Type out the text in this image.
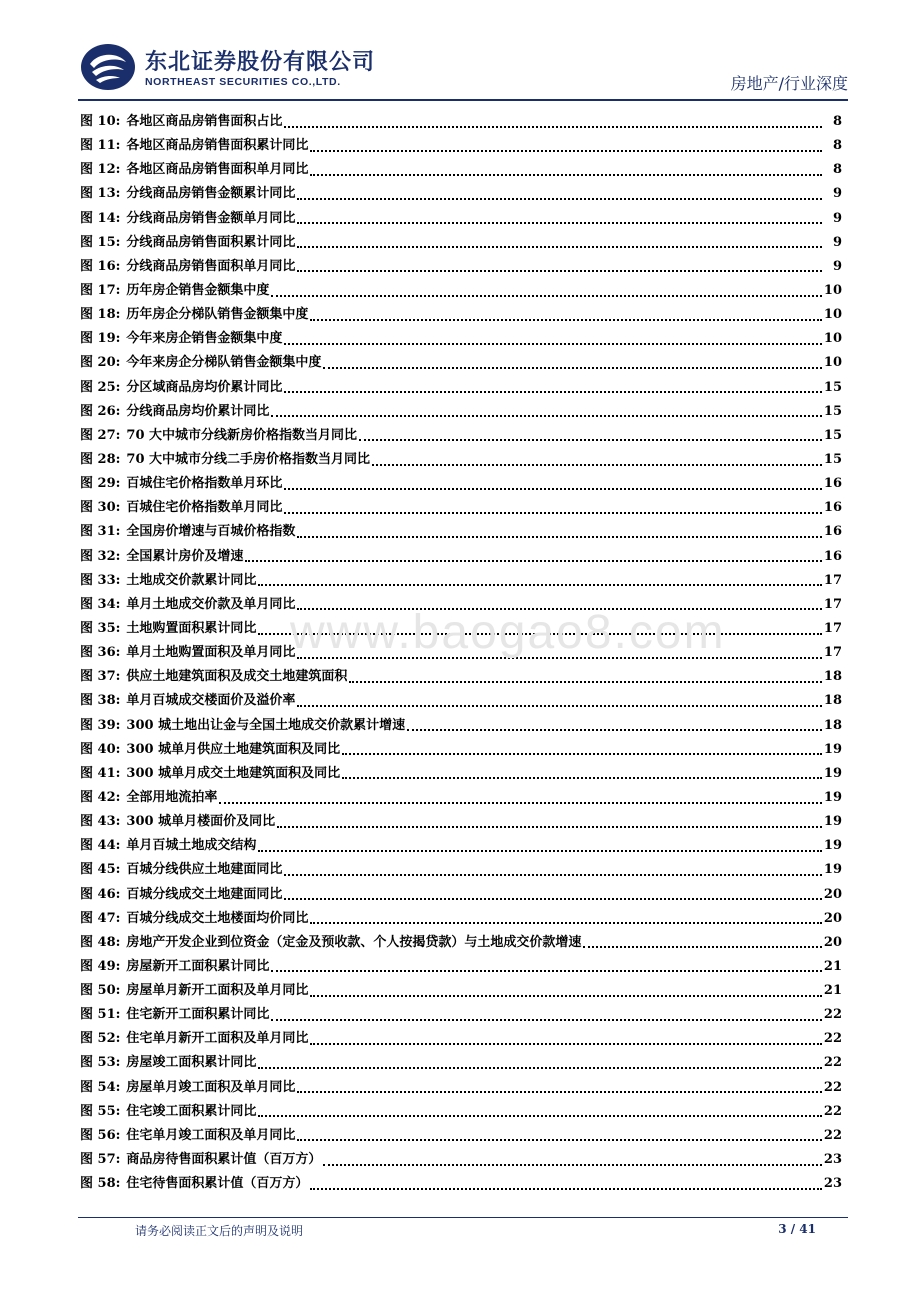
东北证券股份有限公司
NORTHEAST SECURITIES CO.,LTD.	房地产/行业深度
图 10: 各地区商品房销售面积占比	8
图 11: 各地区商品房销售面积累计同比	8
图 12: 各地区商品房销售面积单月同比	8
图 13: 分线商品房销售金额累计同比	9
图 14: 分线商品房销售金额单月同比	9
图 15: 分线商品房销售面积累计同比	9
图 16: 分线商品房销售面积单月同比	9
图 17: 历年房企销售金额集中度	10
图 18: 历年房企分梯队销售金额集中度	10
图 19: 今年来房企销售金额集中度	10
图 20: 今年来房企分梯队销售金额集中度	10
图 25: 分区域商品房均价累计同比	15
图 26: 分线商品房均价累计同比	15
图 27: 70 大中城市分线新房价格指数当月同比	15
图 28: 70 大中城市分线二手房价格指数当月同比	15
图 29: 百城住宅价格指数单月环比	16
图 30: 百城住宅价格指数单月同比	16
图 31: 全国房价增速与百城价格指数	16
图 32: 全国累计房价及增速	16
图 33: 土地成交价款累计同比	17
图 34: 单月土地成交价款及单月同比	17
图 35: 土地购置面积累计同比	17
图 36: 单月土地购置面积及单月同比	17
图 37: 供应土地建筑面积及成交土地建筑面积	18
图 38: 单月百城成交楼面价及溢价率	18
图 39: 300 城土地出让金与全国土地成交价款累计增速	18
图 40: 300 城单月供应土地建筑面积及同比	19
图 41: 300 城单月成交土地建筑面积及同比	19
图 42: 全部用地流拍率	19
图 43: 300 城单月楼面价及同比	19
图 44: 单月百城土地成交结构	19
图 45: 百城分线供应土地建面同比	19
图 46: 百城分线成交土地建面同比	20
图 47: 百城分线成交土地楼面均价同比	20
图 48: 房地产开发企业到位资金（定金及预收款、个人按揭贷款）与土地成交价款增速	20
图 49: 房屋新开工面积累计同比	21
图 50: 房屋单月新开工面积及单月同比	21
图 51: 住宅新开工面积累计同比	22
图 52: 住宅单月新开工面积及单月同比	22
图 53: 房屋竣工面积累计同比	22
图 54: 房屋单月竣工面积及单月同比	22
图 55: 住宅竣工面积累计同比	22
图 56: 住宅单月竣工面积及单月同比	22
图 57: 商品房待售面积累计值（百万方）	23
图 58: 住宅待售面积累计值（百万方）	23
www.baogao8.com
请务必阅读正文后的声明及说明	3 / 41
